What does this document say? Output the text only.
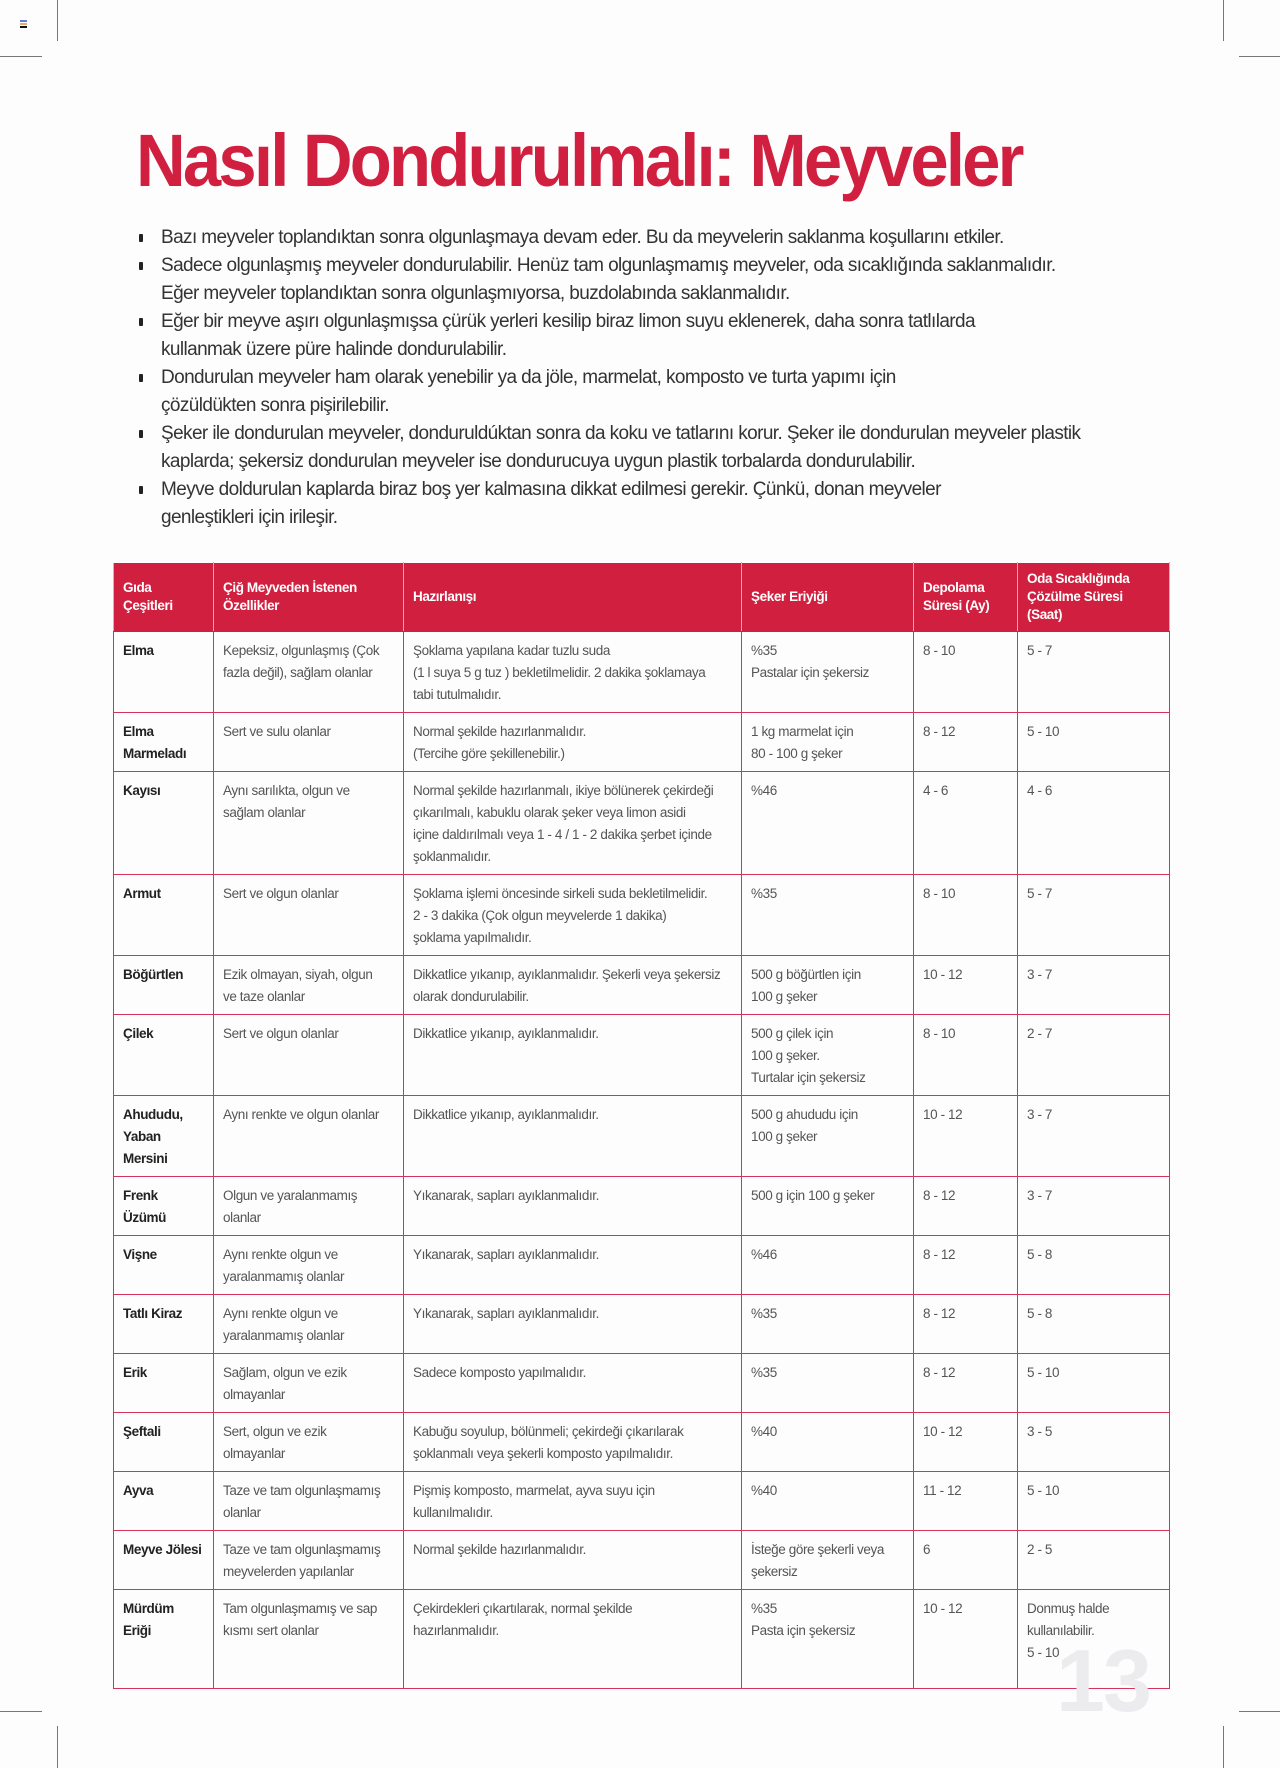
Nasıl Dondurulmalı: Meyveler
Bazı meyveler toplandıktan sonra olgunlaşmaya devam eder. Bu da meyvelerin saklanma koşullarını etkiler.
Sadece olgunlaşmış meyveler dondurulabilir. Henüz tam olgunlaşmamış meyveler, oda sıcaklığında saklanmalıdır.
Eğer meyveler toplandıktan sonra olgunlaşmıyorsa, buzdolabında saklanmalıdır.
Eğer bir meyve aşırı olgunlaşmışsa çürük yerleri kesilip biraz limon suyu eklenerek, daha sonra tatlılarda
kullanmak üzere püre halinde dondurulabilir.
Dondurulan meyveler ham olarak yenebilir ya da jöle, marmelat, komposto ve turta yapımı için
çözüldükten sonra pişirilebilir.
Şeker ile dondurulan meyveler, donduruldúktan sonra da koku ve tatlarını korur. Şeker ile dondurulan meyveler plastik
kaplarda; şekersiz dondurulan meyveler ise dondurucuya uygun plastik torbalarda dondurulabilir.
Meyve doldurulan kaplarda biraz boş yer kalmasına dikkat edilmesi gerekir. Çünkü, donan meyveler
genleştikleri için irileşir.
Gıda
Çeşitleri	Çiğ Meyveden İstenen
Özellikler	Hazırlanışı	Şeker Eriyiği	Depolama
Süresi (Ay)	Oda Sıcaklığında
Çözülme Süresi
(Saat)
Elma	Kepeksiz, olgunlaşmış (Çok
fazla değil), sağlam olanlar	Şoklama yapılana kadar tuzlu suda
(1 l suya 5 g tuz ) bekletilmelidir. 2 dakika şoklamaya
tabi tutulmalıdır.	%35
Pastalar için şekersiz	8 - 10	5 - 7
Elma
Marmeladı	Sert ve sulu olanlar	Normal şekilde hazırlanmalıdır.
(Tercihe göre şekillenebilir.)	1 kg marmelat için
80 - 100 g şeker	8 - 12	5 - 10
Kayısı	Aynı sarılıkta, olgun ve
sağlam olanlar	Normal şekilde hazırlanmalı, ikiye bölünerek çekirdeği
çıkarılmalı, kabuklu olarak şeker veya limon asidi
içine daldırılmalı veya 1 - 4 / 1 - 2 dakika şerbet içinde
şoklanmalıdır.	%46	4 - 6	4 - 6
Armut	Sert ve olgun olanlar	Şoklama işlemi öncesinde sirkeli suda bekletilmelidir.
2 - 3 dakika (Çok olgun meyvelerde 1 dakika)
şoklama yapılmalıdır.	%35	8 - 10	5 - 7
Böğürtlen	Ezik olmayan, siyah, olgun
ve taze olanlar	Dikkatlice yıkanıp, ayıklanmalıdır. Şekerli veya şekersiz
olarak dondurulabilir.	500 g böğürtlen için
100 g şeker	10 - 12	3 - 7
Çilek	Sert ve olgun olanlar	Dikkatlice yıkanıp, ayıklanmalıdır.	500 g çilek için
100 g şeker.
Turtalar için şekersiz	8 - 10	2 - 7
Ahududu,
Yaban
Mersini	Aynı renkte ve olgun olanlar	Dikkatlice yıkanıp, ayıklanmalıdır.	500 g ahududu için
100 g şeker	10 - 12	3 - 7
Frenk
Üzümü	Olgun ve yaralanmamış
olanlar	Yıkanarak, sapları ayıklanmalıdır.	500 g için 100 g şeker	8 - 12	3 - 7
Vişne	Aynı renkte olgun ve
yaralanmamış olanlar	Yıkanarak, sapları ayıklanmalıdır.	%46	8 - 12	5 - 8
Tatlı Kiraz	Aynı renkte olgun ve
yaralanmamış olanlar	Yıkanarak, sapları ayıklanmalıdır.	%35	8 - 12	5 - 8
Erik	Sağlam, olgun ve ezik
olmayanlar	Sadece komposto yapılmalıdır.	%35	8 - 12	5 - 10
Şeftali	Sert, olgun ve ezik
olmayanlar	Kabuğu soyulup, bölünmeli; çekirdeği çıkarılarak
şoklanmalı veya şekerli komposto yapılmalıdır.	%40	10 - 12	3 - 5
Ayva	Taze ve tam olgunlaşmamış
olanlar	Pişmiş komposto, marmelat, ayva suyu için
kullanılmalıdır.	%40	11 - 12	5 - 10
Meyve Jölesi	Taze ve tam olgunlaşmamış
meyvelerden yapılanlar	Normal şekilde hazırlanmalıdır.	İsteğe göre şekerli veya
şekersiz	6	2 - 5
Mürdüm
Eriği	Tam olgunlaşmamış ve sap
kısmı sert olanlar	Çekirdekleri çıkartılarak, normal şekilde
hazırlanmalıdır.	%35
Pasta için şekersiz	10 - 12	Donmuş halde
kullanılabilir.
5 - 10
13
